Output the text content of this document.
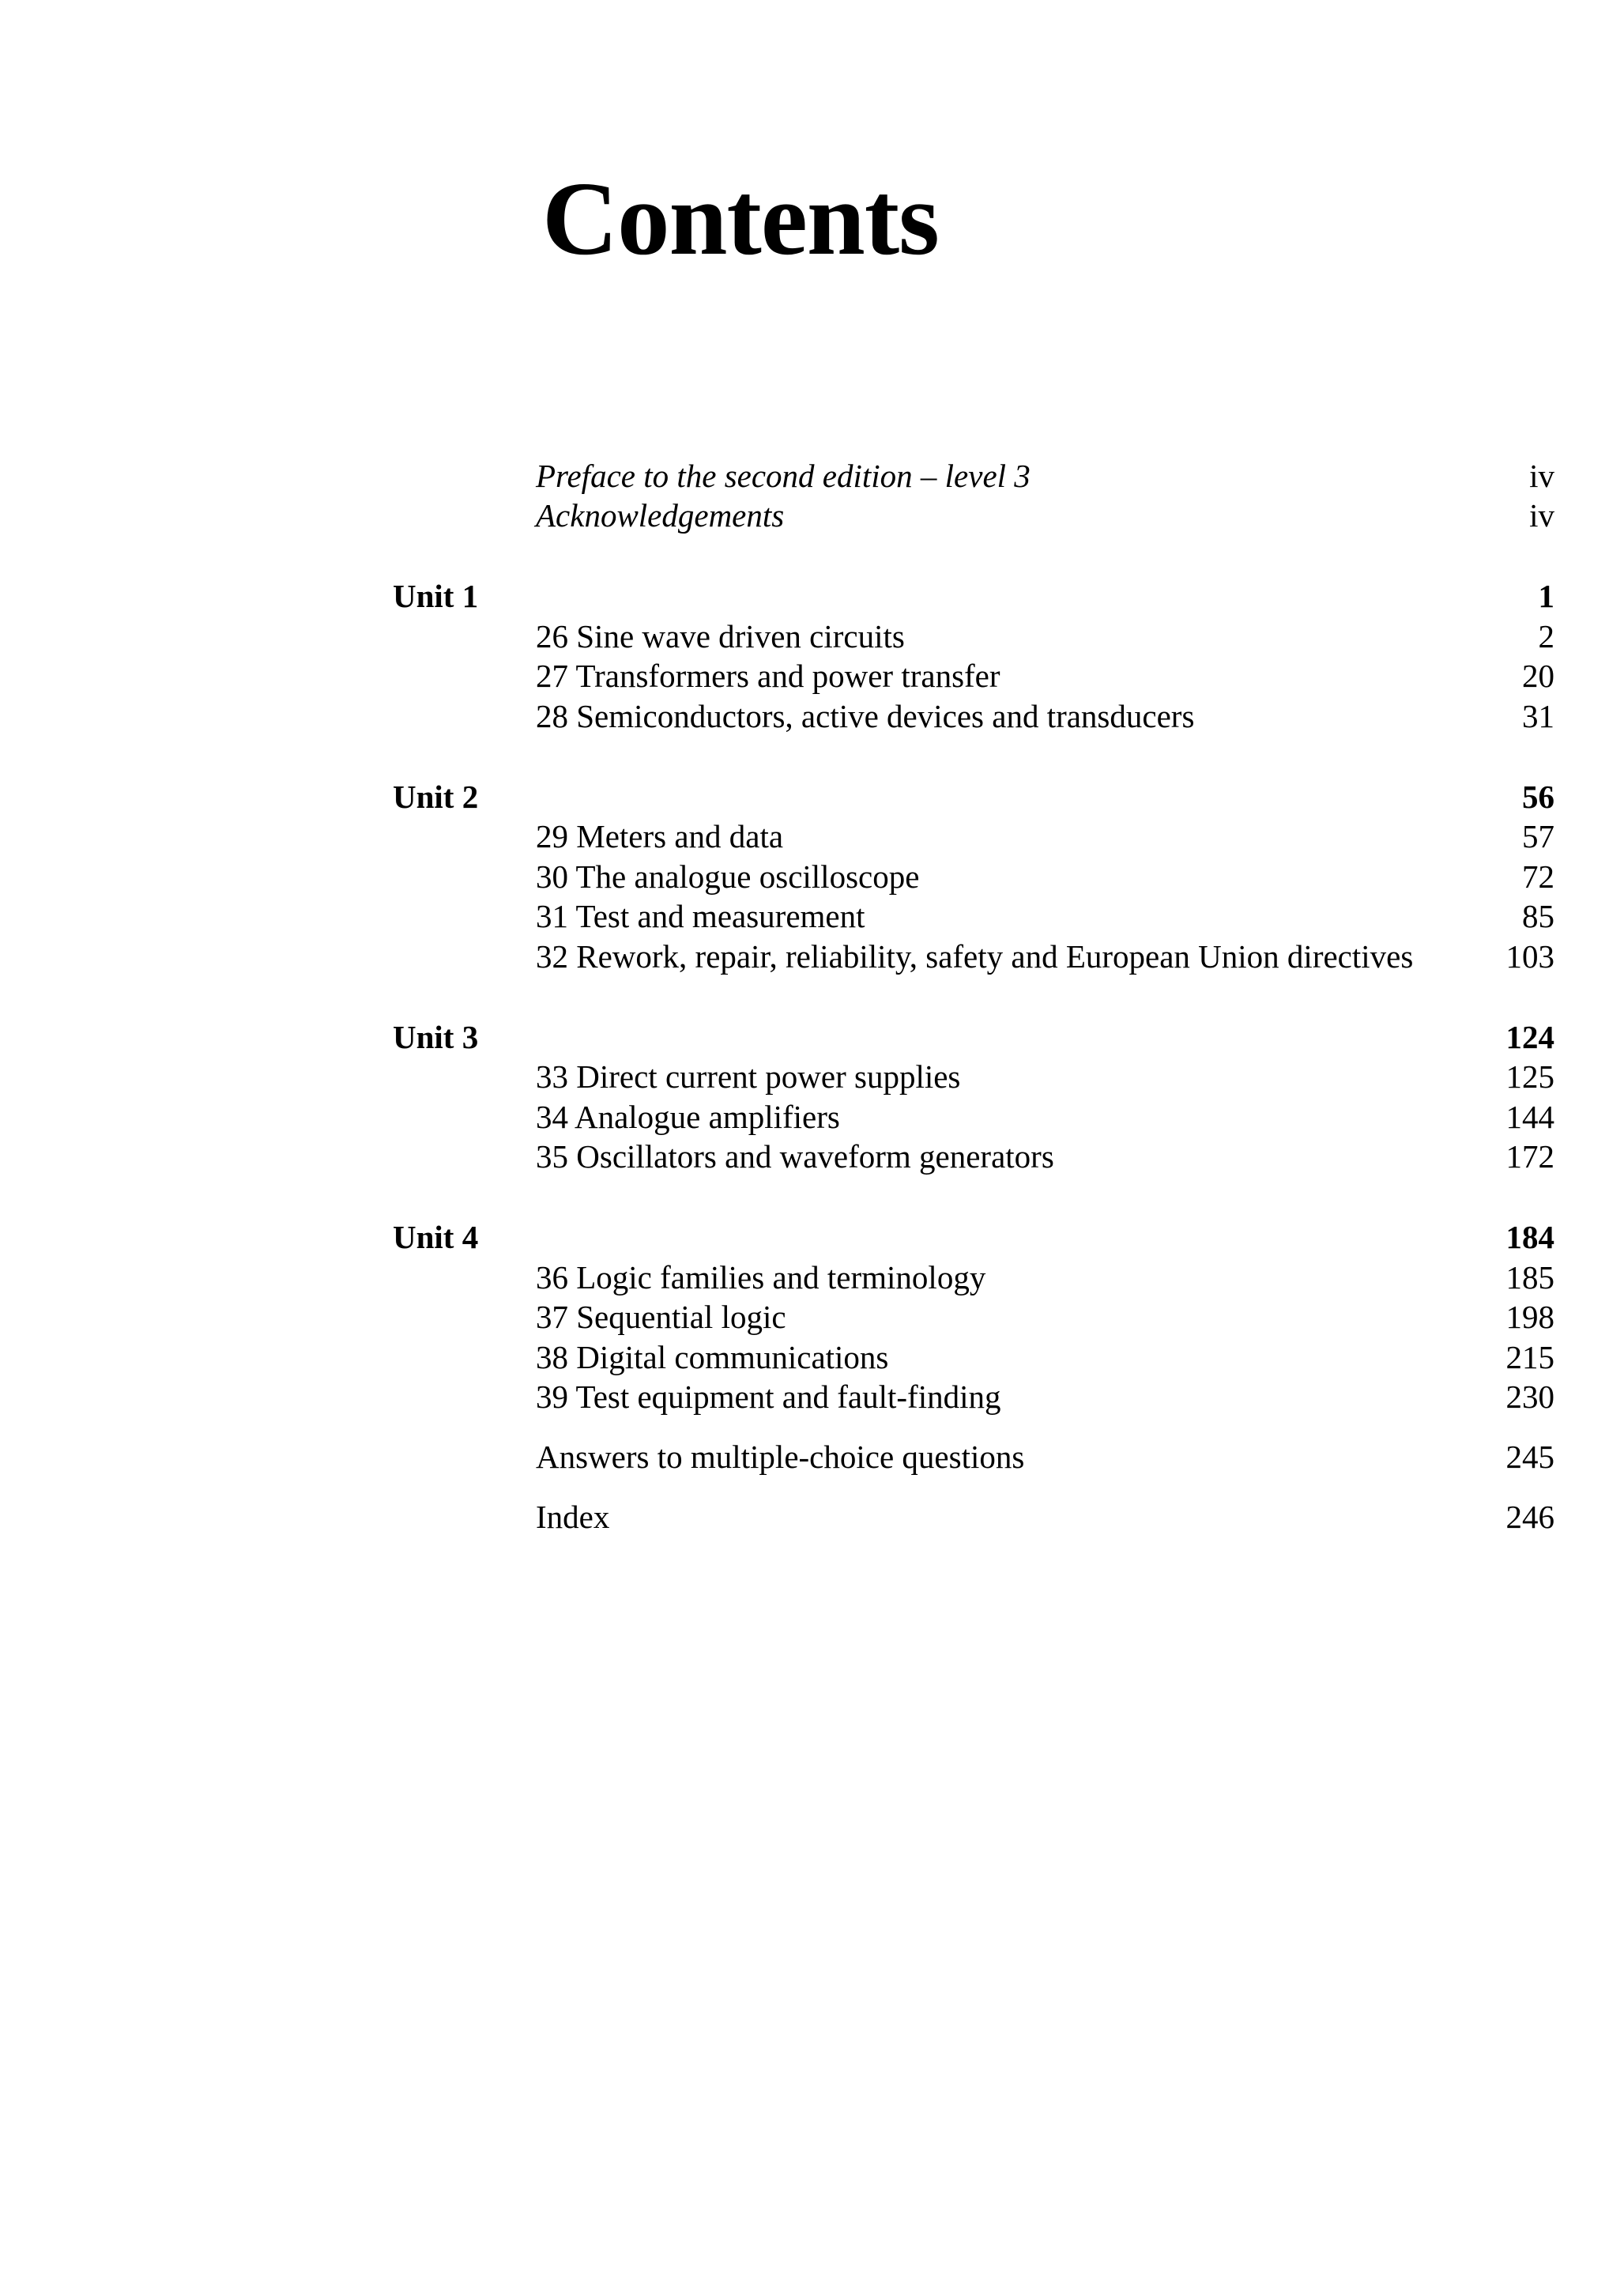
Contents
Preface to the second edition – level 3	iv
Acknowledgements	iv
Unit 1	1
26 Sine wave driven circuits	2
27 Transformers and power transfer	20
28 Semiconductors, active devices and transducers	31
Unit 2	56
29 Meters and data	57
30 The analogue oscilloscope	72
31 Test and measurement	85
32 Rework, repair, reliability, safety and European Union directives	103
Unit 3	124
33 Direct current power supplies	125
34 Analogue amplifiers	144
35 Oscillators and waveform generators	172
Unit 4	184
36 Logic families and terminology	185
37 Sequential logic	198
38 Digital communications	215
39 Test equipment and fault-finding	230
Answers to multiple-choice questions	245
Index	246
